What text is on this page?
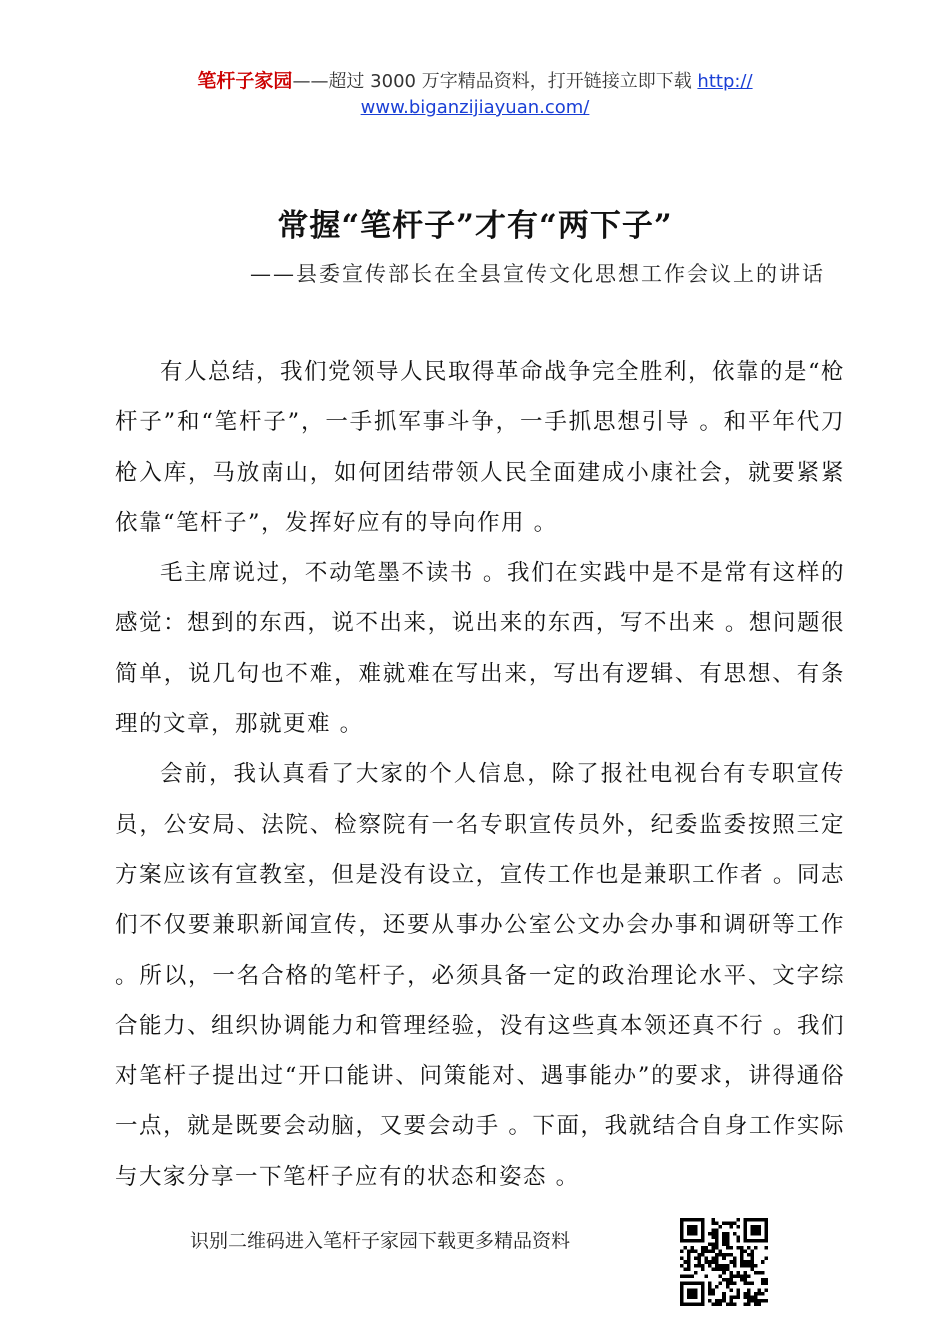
笔杆子家园——超过 3000 万字精品资料，打开链接立即下载 http://
www.biganzijiayuan.com/
常握“笔杆子”才有“两下子”
——县委宣传部长在全县宣传文化思想工作会议上的讲话

有人总结，我们党领导人民取得革命战争完全胜利，依靠的是“枪杆子”和“笔杆子”，一手抓军事斗争，一手抓思想引导 。和平年代刀枪入库，马放南山，如何团结带领人民全面建成小康社会，就要紧紧依靠“笔杆子”，发挥好应有的导向作用 。

毛主席说过，不动笔墨不读书 。我们在实践中是不是常有这样的感觉：想到的东西，说不出来，说出来的东西，写不出来 。想问题很简单，说几句也不难，难就难在写出来，写出有逻辑、有思想、有条理的文章，那就更难 。

会前，我认真看了大家的个人信息，除了报社电视台有专职宣传员，公安局、法院、检察院有一名专职宣传员外，纪委监委按照三定方案应该有宣教室，但是没有设立，宣传工作也是兼职工作者 。同志们不仅要兼职新闻宣传，还要从事办公室公文办会办事和调研等工作 。所以，一名合格的笔杆子，必须具备一定的政治理论水平、文字综合能力、组织协调能力和管理经验，没有这些真本领还真不行 。我们对笔杆子提出过“开口能讲、问策能对、遇事能办”的要求，讲得通俗一点，就是既要会动脑，又要会动手 。下面，我就结合自身工作实际与大家分享一下笔杆子应有的状态和姿态 。

识别二维码进入笔杆子家园下载更多精品资料
